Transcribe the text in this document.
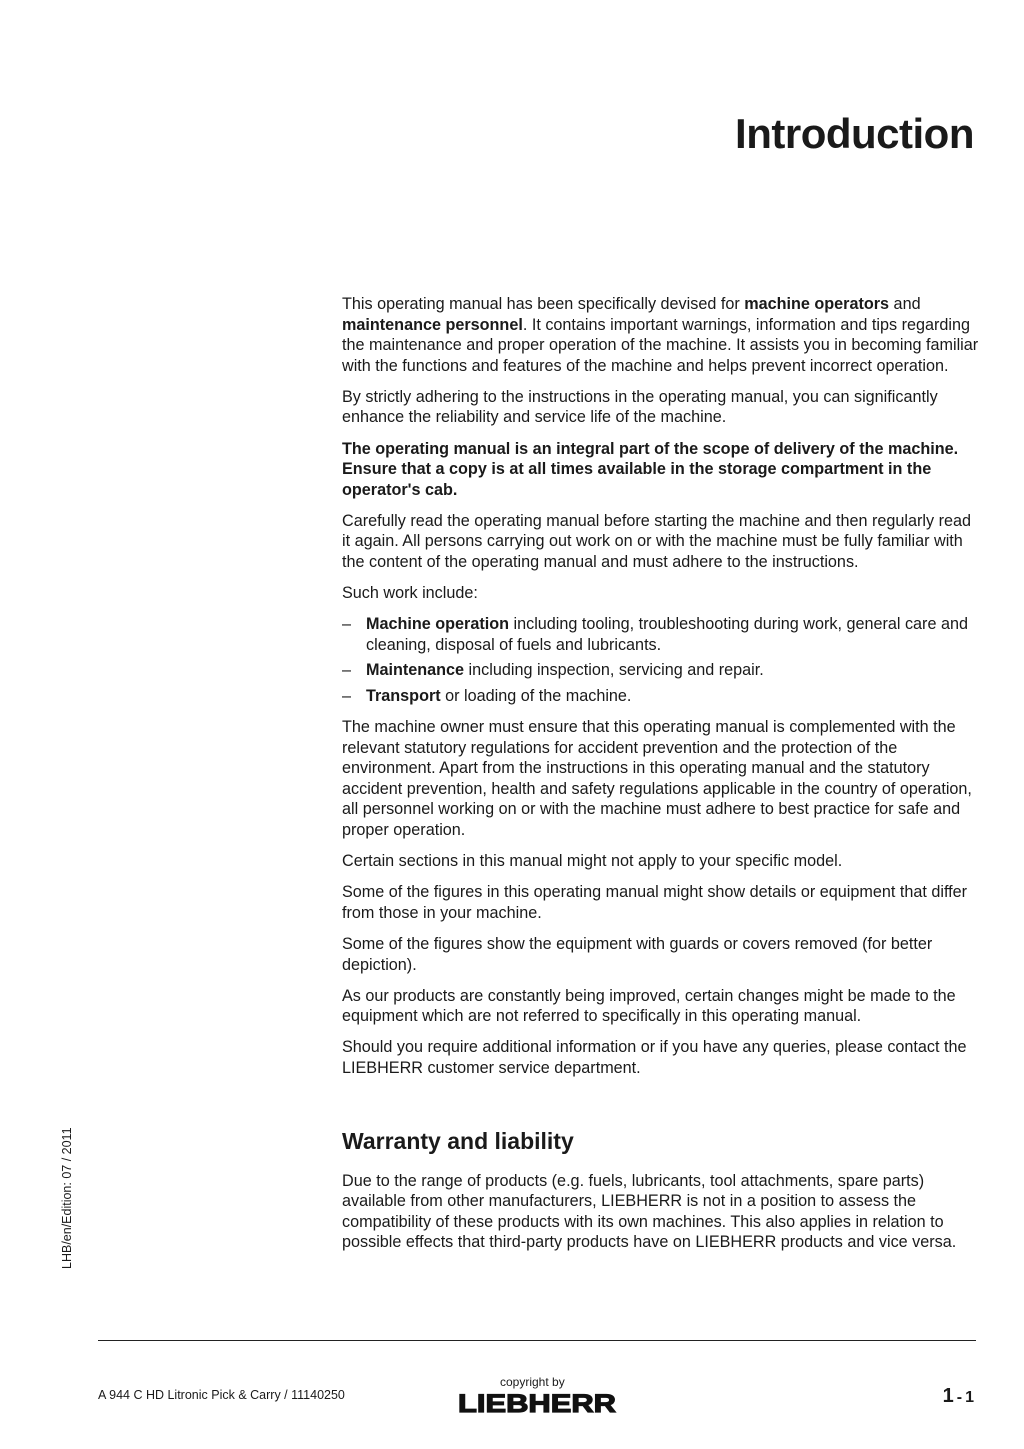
Introduction

This operating manual has been specifically devised for machine operators and maintenance personnel. It contains important warnings, information and tips regarding the maintenance and proper operation of the machine. It assists you in becoming familiar with the functions and features of the machine and helps prevent incorrect operation.

By strictly adhering to the instructions in the operating manual, you can significantly enhance the reliability and service life of the machine.

The operating manual is an integral part of the scope of delivery of the machine. Ensure that a copy is at all times available in the storage compartment in the operator's cab.

Carefully read the operating manual before starting the machine and then regularly read it again. All persons carrying out work on or with the machine must be fully familiar with the content of the operating manual and must adhere to the instructions.

Such work include:

– Machine operation including tooling, troubleshooting during work, general care and cleaning, disposal of fuels and lubricants.
– Maintenance including inspection, servicing and repair.
– Transport or loading of the machine.

The machine owner must ensure that this operating manual is complemented with the relevant statutory regulations for accident prevention and the protection of the environment. Apart from the instructions in this operating manual and the statutory accident prevention, health and safety regulations applicable in the country of operation, all personnel working on or with the machine must adhere to best practice for safe and proper operation.

Certain sections in this manual might not apply to your specific model.

Some of the figures in this operating manual might show details or equipment that differ from those in your machine.

Some of the figures show the equipment with guards or covers removed (for better depiction).

As our products are constantly being improved, certain changes might be made to the equipment which are not referred to specifically in this operating manual.

Should you require additional information or if you have any queries, please contact the LIEBHERR customer service department.

Warranty and liability

Due to the range of products (e.g. fuels, lubricants, tool attachments, spare parts) available from other manufacturers, LIEBHERR is not in a position to assess the compatibility of these products with its own machines. This also applies in relation to possible effects that third-party products have on LIEBHERR products and vice versa.

LHB/en/Edition: 07 / 2011
A 944 C HD Litronic Pick & Carry / 11140250
copyright by
LIEBHERR	1 - 1
